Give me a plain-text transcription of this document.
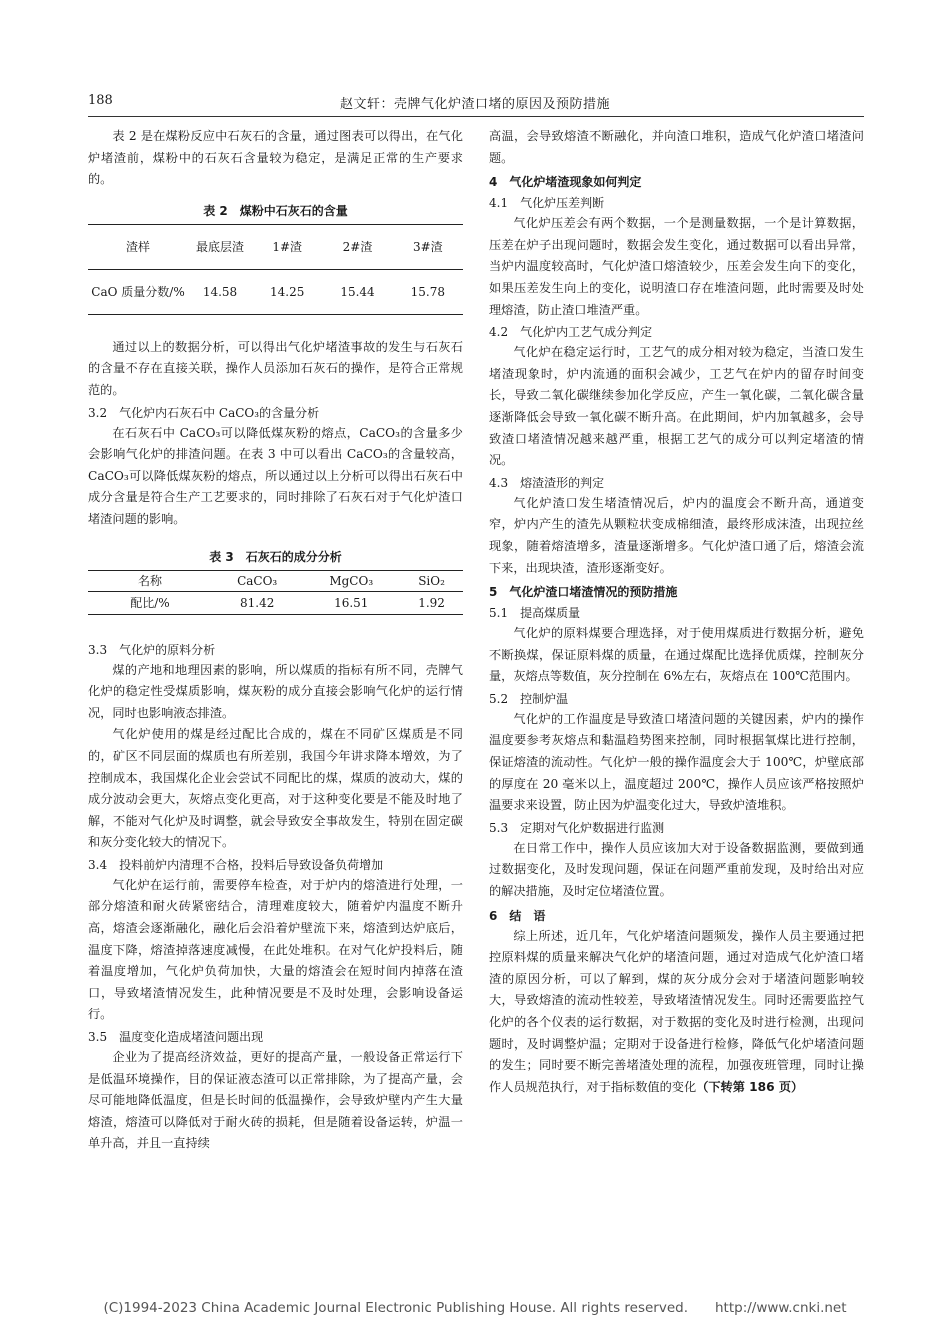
188	赵文轩：壳牌气化炉渣口堵的原因及预防措施

表 2 是在煤粉反应中石灰石的含量，通过图表可以得出，在气化炉堵渣前，煤粉中的石灰石含量较为稳定，是满足正常的生产要求的。

表 2　煤粉中石灰石的含量
渣样	最底层渣	1#渣	2#渣	3#渣
CaO 质量分数/%	14.58	14.25	15.44	15.78

通过以上的数据分析，可以得出气化炉堵渣事故的发生与石灰石的含量不存在直接关联，操作人员添加石灰石的操作，是符合正常规范的。

3.2　气化炉内石灰石中 CaCO₃的含量分析

在石灰石中 CaCO₃可以降低煤灰粉的熔点，CaCO₃的含量多少会影响气化炉的排渣问题。在表 3 中可以看出 CaCO₃的含量较高，CaCO₃可以降低煤灰粉的熔点，所以通过以上分析可以得出石灰石中成分含量是符合生产工艺要求的，同时排除了石灰石对于气化炉渣口堵渣问题的影响。

表 3　石灰石的成分分析
名称	CaCO₃	MgCO₃	SiO₂
配比/%	81.42	16.51	1.92
3.3　气化炉的原料分析

煤的产地和地理因素的影响，所以煤质的指标有所不同，壳牌气化炉的稳定性受煤质影响，煤灰粉的成分直接会影响气化炉的运行情况，同时也影响液态排渣。

气化炉使用的煤是经过配比合成的，煤在不同矿区煤质是不同的，矿区不同层面的煤质也有所差别，我国今年讲求降本增效，为了控制成本，我国煤化企业会尝试不同配比的煤，煤质的波动大，煤的成分波动会更大，灰熔点变化更高，对于这种变化要是不能及时地了解，不能对气化炉及时调整，就会导致安全事故发生，特别在固定碳和灰分变化较大的情况下。

3.4　投料前炉内清理不合格，投料后导致设备负荷增加

气化炉在运行前，需要停车检查，对于炉内的熔渣进行处理，一部分熔渣和耐火砖紧密结合，清理难度较大，随着炉内温度不断升高，熔渣会逐渐融化，融化后会沿着炉壁流下来，熔渣到达炉底后，温度下降，熔渣掉落速度减慢，在此处堆积。在对气化炉投料后，随着温度增加，气化炉负荷加快，大量的熔渣会在短时间内掉落在渣口，导致堵渣情况发生，此种情况要是不及时处理，会影响设备运行。

3.5　温度变化造成堵渣问题出现

企业为了提高经济效益，更好的提高产量，一般设备正常运行下是低温环境操作，目的保证液态渣可以正常排除，为了提高产量，会尽可能地降低温度，但是长时间的低温操作，会导致炉壁内产生大量熔渣，熔渣可以降低对于耐火砖的损耗，但是随着设备运转，炉温一单升高，并且一直持续

高温，会导致熔渣不断融化，并向渣口堆积，造成气化炉渣口堵渣问题。

4　气化炉堵渣现象如何判定
4.1　气化炉压差判断

气化炉压差会有两个数据，一个是测量数据，一个是计算数据，压差在炉子出现问题时，数据会发生变化，通过数据可以看出异常，当炉内温度较高时，气化炉渣口熔渣较少，压差会发生向下的变化，如果压差发生向上的变化，说明渣口存在堆渣问题，此时需要及时处理熔渣，防止渣口堆渣严重。

4.2　气化炉内工艺气成分判定

气化炉在稳定运行时，工艺气的成分相对较为稳定，当渣口发生堵渣现象时，炉内流通的面积会减少，工艺气在炉内的留存时间变长，导致二氧化碳继续参加化学反应，产生一氧化碳，二氧化碳含量逐渐降低会导致一氧化碳不断升高。在此期间，炉内加氧越多，会导致渣口堵渣情况越来越严重，根据工艺气的成分可以判定堵渣的情况。

4.3　熔渣渣形的判定

气化炉渣口发生堵渣情况后，炉内的温度会不断升高，通道变窄，炉内产生的渣先从颗粒状变成棉细渣，最终形成沫渣，出现拉丝现象，随着熔渣增多，渣量逐渐增多。气化炉渣口通了后，熔渣会流下来，出现块渣，渣形逐渐变好。

5　气化炉渣口堵渣情况的预防措施
5.1　提高煤质量

气化炉的原料煤要合理选择，对于使用煤质进行数据分析，避免不断换煤，保证原料煤的质量，在通过煤配比选择优质煤，控制灰分量，灰熔点等数值，灰分控制在 6%左右，灰熔点在 100℃范围内。

5.2　控制炉温

气化炉的工作温度是导致渣口堵渣问题的关键因素，炉内的操作温度要参考灰熔点和黏温趋势图来控制，同时根据氧煤比进行控制，保证熔渣的流动性。气化炉一般的操作温度会大于 100℃，炉壁底部的厚度在 20 毫米以上，温度超过 200℃，操作人员应该严格按照炉温要求来设置，防止因为炉温变化过大，导致炉渣堆积。

5.3　定期对气化炉数据进行监测

在日常工作中，操作人员应该加大对于设备数据监测，要做到通过数据变化，及时发现问题，保证在问题严重前发现，及时给出对应的解决措施，及时定位堵渣位置。

6　结　语

综上所述，近几年，气化炉堵渣问题频发，操作人员主要通过把控原料煤的质量来解决气化炉的堵渣问题，通过对造成气化炉渣口堵渣的原因分析，可以了解到，煤的灰分成分会对于堵渣问题影响较大，导致熔渣的流动性较差，导致堵渣情况发生。同时还需要监控气化炉的各个仪表的运行数据，对于数据的变化及时进行检测，出现问题时，及时调整炉温；定期对于设备进行检修，降低气化炉堵渣问题的发生；同时要不断完善堵渣处理的流程，加强夜班管理，同时让操作人员规范执行，对于指标数值的变化（下转第 186 页）

(C)1994-2023 China Academic Journal Electronic Publishing House. All rights reserved.　　http://www.cnki.net
